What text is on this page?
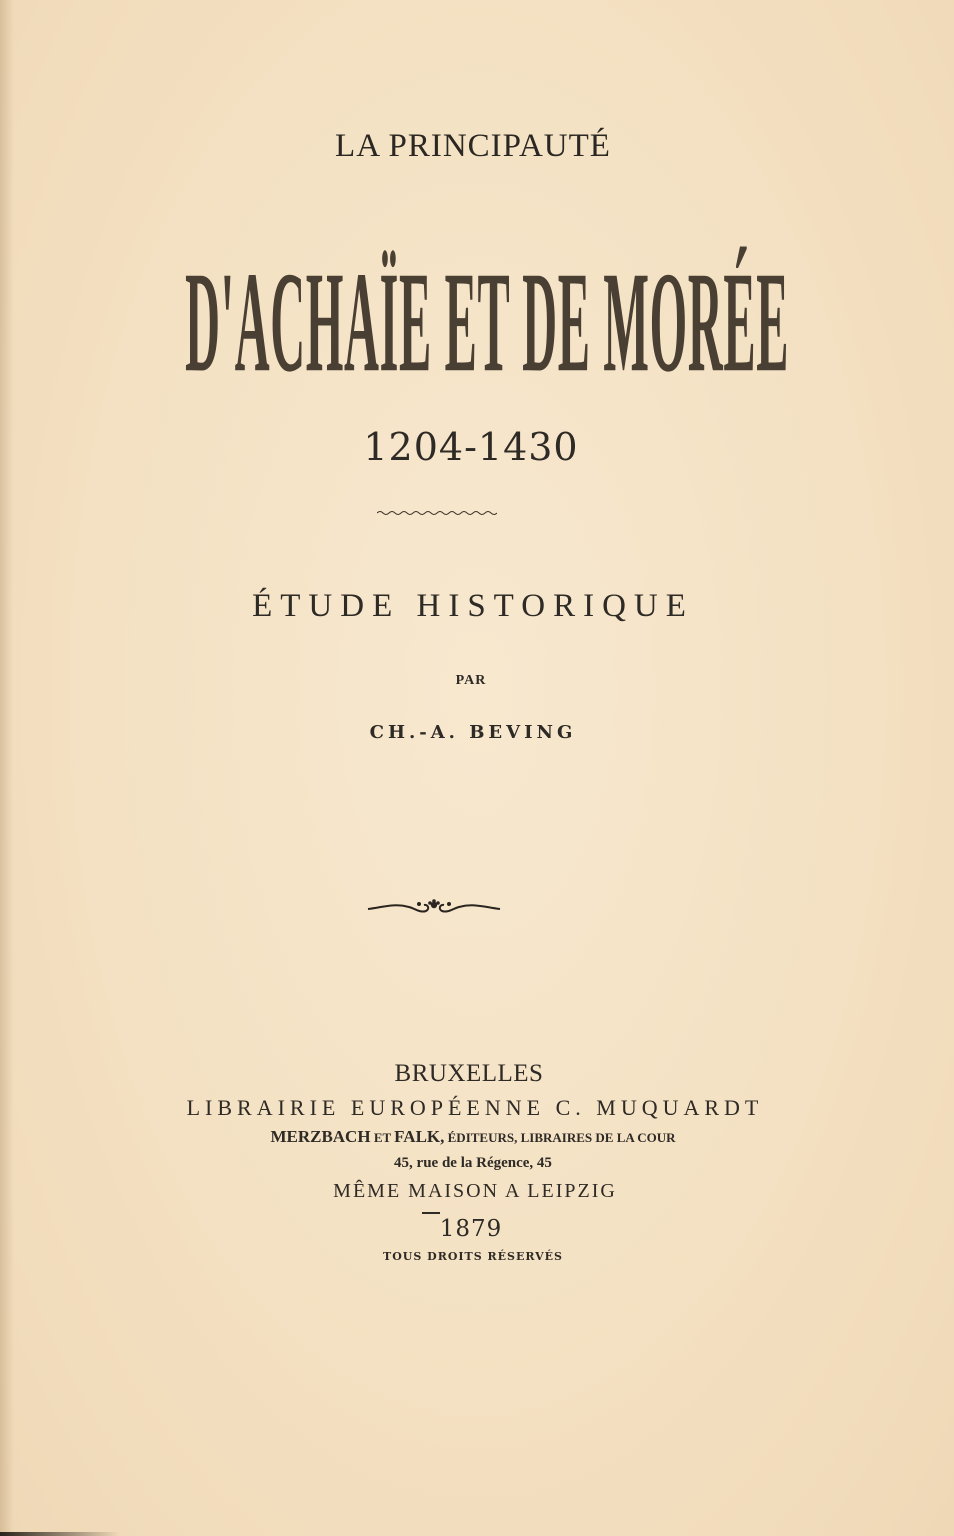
LA PRINCIPAUTÉ
D'ACHAÏE ET DE MORÉE
1204-1430
ÉTUDE HISTORIQUE
PAR
CH.-A. BEVING
BRUXELLES
LIBRAIRIE EUROPÉENNE C. MUQUARDT
MERZBACH ET FALK, ÉDITEURS, LIBRAIRES DE LA COUR
45, rue de la Régence, 45
MÊME MAISON A LEIPZIG
1879
TOUS DROITS RÉSERVÉS
